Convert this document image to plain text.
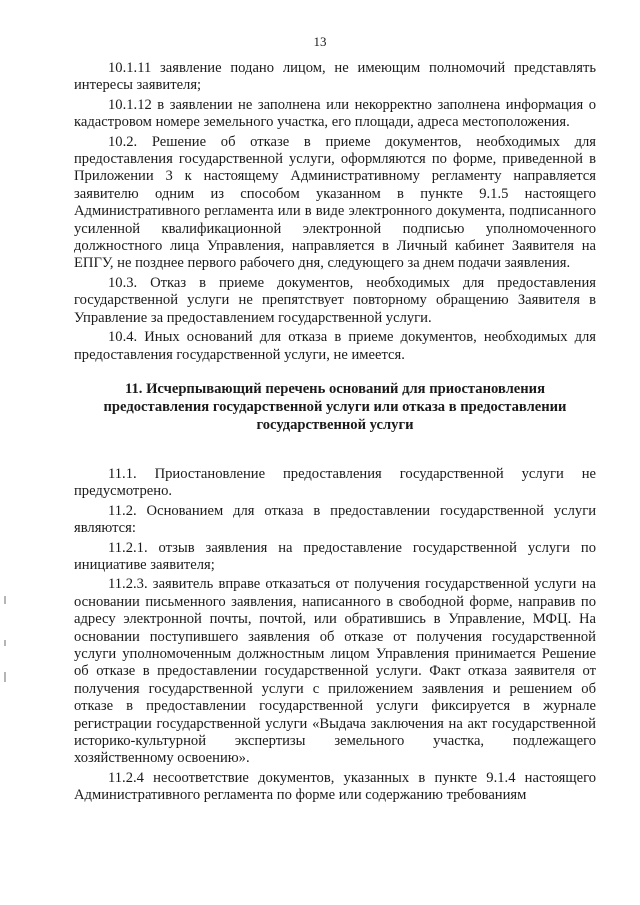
13

10.1.11 заявление подано лицом, не имеющим полномочий представлять интересы заявителя;

10.1.12 в заявлении не заполнена или некорректно заполнена информация о кадастровом номере земельного участка, его площади, адреса местоположения.

10.2. Решение об отказе в приеме документов, необходимых для предоставления государственной услуги, оформляются по форме, приведенной в Приложении 3 к настоящему Административному регламенту направляется заявителю одним из способом указанном в пункте 9.1.5 настоящего Административного регламента или в виде электронного документа, подписанного усиленной квалификационной электронной подписью уполномоченного должностного лица Управления, направляется в Личный кабинет Заявителя на ЕПГУ, не позднее первого рабочего дня, следующего за днем подачи заявления.

10.3. Отказ в приеме документов, необходимых для предоставления государственной услуги не препятствует повторному обращению Заявителя в Управление за предоставлением государственной услуги.

10.4. Иных оснований для отказа в приеме документов, необходимых для предоставления государственной услуги, не имеется.

11. Исчерпывающий перечень оснований для приостановления предоставления государственной услуги или отказа в предоставлении государственной услуги

11.1. Приостановление предоставления государственной услуги не предусмотрено.

11.2. Основанием для отказа в предоставлении государственной услуги являются:

11.2.1. отзыв заявления на предоставление государственной услуги по инициативе заявителя;

11.2.3. заявитель вправе отказаться от получения государственной услуги на основании письменного заявления, написанного в свободной форме, направив по адресу электронной почты, почтой, или обратившись в Управление, МФЦ. На основании поступившего заявления об отказе от получения государственной услуги уполномоченным должностным лицом Управления принимается Решение об отказе в предоставлении государственной услуги. Факт отказа заявителя от получения государственной услуги с приложением заявления и решением об отказе в предоставлении государственной услуги фиксируется в журнале регистрации государственной услуги «Выдача заключения на акт государственной историко-культурной экспертизы земельного участка, подлежащего хозяйственному освоению».

11.2.4 несоответствие документов, указанных в пункте 9.1.4 настоящего Административного регламента по форме или содержанию требованиям
